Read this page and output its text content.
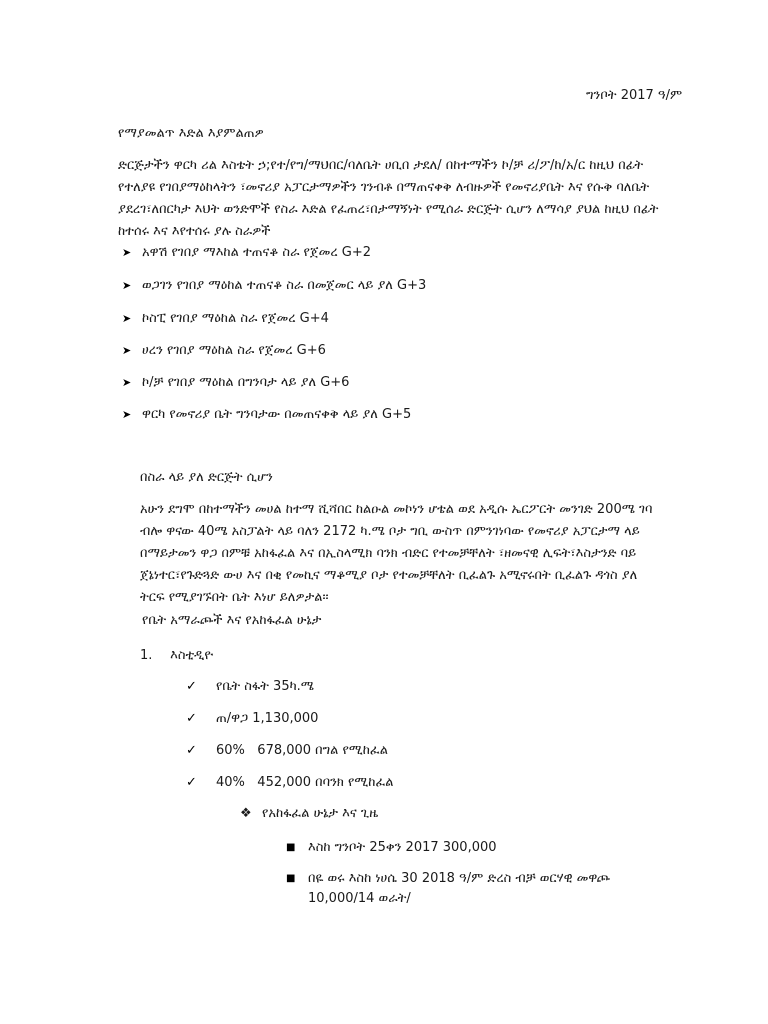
ግንቦት 2017 ዓ/ም
የማያመልጥ እድል እያምልጠዎ
ድርጅታችን ዋርካ ሪል እስቴት ኃ;የተ/የግ/ማህበር/ባለቤት ሀቢበ ታደለ/ በከተማችን ኮ/ቻ ሪ/ፖ/ከ/አ/ር ከዚህ በፊት
የተለያዩ የገበያማዕከላትን ፣መኖሪያ አፓርታማዎችን ገንብቶ በማጠናቀቅ ለብዙዎች የመኖሪያቤት እና የሱቅ ባለቤት
ያደረገ፣ለበርካታ እህት ወንድሞች የስራ እድል የፈጠረ፣በታማኝነት የሚሰራ ድርጅት ሲሆን ለማሳያ ያህል ከዚህ በፊት
ከተሰሩ እና እየተሰሩ ያሉ ስራዎች
➤ አዋሽ የገበያ ማእከል ተጠናቆ ስራ የጀመረ G+2
➤ ወጋገን የገበያ ማዕከል ተጠናቆ ስራ በመጀመር ላይ ያለ G+3
➤ ኮስፒ የገበያ ማዕከል ስራ የጀመረ G+4
➤ ሀረን የገበያ ማዕከል ስራ የጀመረ G+6
➤ ኮ/ቻ የገበያ ማዕከል በግንባታ ላይ ያለ G+6
➤ ዋርካ የመኖሪያ ቤት ግንባታው በመጠናቀቅ ላይ ያለ G+5
በስራ ላይ ያለ ድርጅት ሲሆን
አሁን ደግሞ በከተማችን መሀል ከተማ ሺሻበር ከልዑል መኮነን ሆቴል ወደ አዲሱ ኤርፖርት መንገድ 200ሜ ገባ
ብሎ ዋናው 40ሜ አስፓልት ላይ ባለን 2172 ካ.ሜ ቦታ ግቢ ውስጥ በምንገነባው የመኖሪያ አፓርታማ ላይ
በማይታመን ዋጋ በምቹ አከፋፈል እና በኢስላሚክ ባንክ ብድር የተመቻቸለት ፣ዘመናዊ ሊፍት፣እስታንድ ባይ
ጀኔነተር፣የጉድጓድ ውሀ እና በቂ የመኪና ማቆሚያ ቦታ የተመቻቸለት ቢፈልጉ አሚኖሩበት ቢፈልጉ ዳጎስ ያለ
ትርፍ የሚያገኙበት ቤት እነሆ ይለዎታል፡፡
የቤት አማራጮች እና የአከፋፈል ሁኔታ
1. እስቲዲዮ
✓	የቤት ስፋት 35ካ.ሜ
✓	ጠ/ዋጋ 1,130,000
✓	60%   678,000 በግል የሚከፈል
✓	40%   452,000 በባንክ የሚከፈል
❖ የአከፋፈል ሁኔታ እና ጊዜ
■ እስከ ግንቦት 25ቀን 2017 300,000
■ በዬ ወሩ እስከ ነሀሴ 30 2018 ዓ/ም ድረስ ብቻ ወርሃዊ መዋጮ
10,000/14 ወራት/
